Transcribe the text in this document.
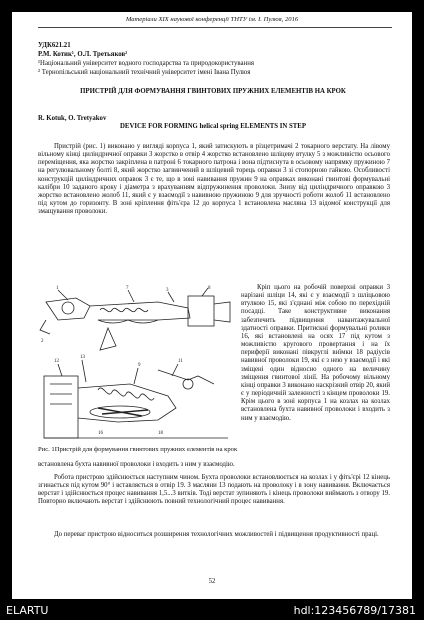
Матеріали XIX наукової конференції ТНТУ ім. І. Пулюя, 2016
УДК621.21
Р.М. Котик¹, О.Л. Третьяков²
¹Національний університет водного господарства та природокористування
² Тернопільський національний технічний університет імені Івана Пулюя
ПРИСТРІЙ ДЛЯ ФОРМУВАННЯ ГВИНТОВИХ ПРУЖНИХ ЕЛЕМЕНТІВ НА КРОК
R. Kotuk, O. Tretyakov
DEVICE FOR FORMING helical spring ELEMENTS IN STEP

Пристрій (рис. 1) виконано у вигляді корпуса 1, який затискують в різцетримачі 2 токарного верстату. На лівому вільному кінці циліндричної оправки 3 жорстко в отвір 4 жорстко встановлено шліцеву втулку 5 з можливістю осьового переміщення, яка жорстко закріплена в патроні 6 токарного патрона і вона підтиснута в осьовому напрямку пружиною 7 на регулювальному болті 8, який жорстко загвинчений в шліцевий торець оправки 3 зі стопорною гайкою. Особливості конструкцій циліндричних оправок 3 є те, що в зоні навивання пружин 9 на оправках виконані гвинтові формувальні калібри 10 заданого кроку і діаметра з врахуванням відпружинення проволоки. Знизу від циліндричного оправкою 3 жорстко встановлено жолоб 11, який є у взаємодії з навивною пружиною 9 для зручності роботи жолоб 11 встановлено під кутом до горизонту. В зоні кріплення фіть'єра 12 до корпуса 1 встановлена масляна 13 відомої конструкції для змащування проволоки.

Кріп цього на робочій поверхні оправки 3 нарізані шліци 14, які є у взаємодії з шліцьовою втулкою 15, які з'єднані між собою по перехідній посадці. Таке конструктивне виконання забезпечить підвищення навантажувальної здатності оправки. Притискні формувальні ролики 16, які встановлені на осях 17 під кутом з можливістю кругового провертання і на їх периферії виконані півкруглі виїмки 18 радіусів навивної проволоки 19, які є з нею у взаємодії і які зміщені один відносно одного на величину зміщення гвинтової лінії. На робочому вільному кінці оправки 3 виконано наскрізний отвір 20, який є у періодичній залежності з кінцем проволоки 19. Крім цього в зоні корпуса 1 на козлах на козлах встановлена бухта навивної проволоки і входить з ним у взаємодію.

1	7	3	8
2
12
13
9
11
16	18
Рис. 1Пристрій для формування гвинтових пружних елементів на крок

встановлена бухта навивної проволоки і входить з ним у взаємодію.

Робота пристрою здійснюється наступним чином. Бухта проволоки встановлюється на козлах і у фіть'єрі 12 кінець згинається під кутом 90° і вставляється в отвір 19. З масляни 13 подають на проволоку і в зону навивання. Включається верстат і здійснюється процес навивання 1,5...3 витків. Тоді верстат зупиняють і кінець проволоки виймають з отвору 19. Повторно включають верстат і здійснюють повний технологічний процес навивання.

До переваг пристрою відноситься розширення технологічних можливостей і підвищення продуктивності праці.

52
ELARTU	hdl:123456789/17381
